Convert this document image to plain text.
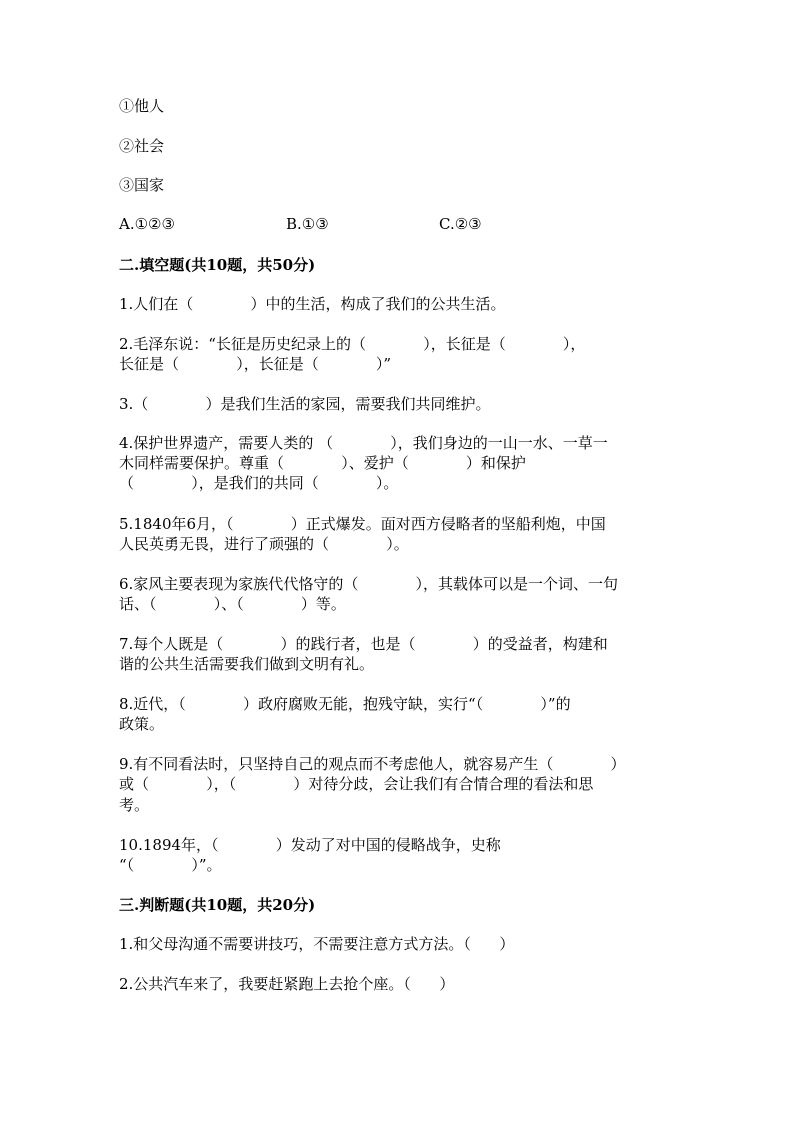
①他人
②社会
③国家
A.①②③	B.①③	C.②③
二.填空题(共10题，共50分)
1.人们在（            ）中的生活，构成了我们的公共生活。
2.毛泽东说：“长征是历史纪录上的（            ），长征是（            ），
长征是（            ），长征是（            ）”
3.（            ）是我们生活的家园，需要我们共同维护。
4.保护世界遗产，需要人类的 （            ），我们身边的一山一水、一草一
木同样需要保护。尊重（            ）、爱护（            ）和保护
（            ），是我们的共同（            ）。
5.1840年6月，（            ）正式爆发。面对西方侵略者的坚船利炮，中国
人民英勇无畏，进行了顽强的（            ）。
6.家风主要表现为家族代代恪守的（            ），其载体可以是一个词、一句
话、（            ）、（            ）等。
7.每个人既是（            ）的践行者，也是（            ）的受益者，构建和
谐的公共生活需要我们做到文明有礼。
8.近代，（            ）政府腐败无能，抱残守缺，实行“（            ）”的
政策。
9.有不同看法时，只坚持自己的观点而不考虑他人，就容易产生（            ）
或（            ），（            ）对待分歧，会让我们有合情合理的看法和思
考。
10.1894年，（            ）发动了对中国的侵略战争，史称
“（            ）”。
三.判断题(共10题，共20分)
1.和父母沟通不需要讲技巧，不需要注意方式方法。（      ）
2.公共汽车来了，我要赶紧跑上去抢个座。（      ）
